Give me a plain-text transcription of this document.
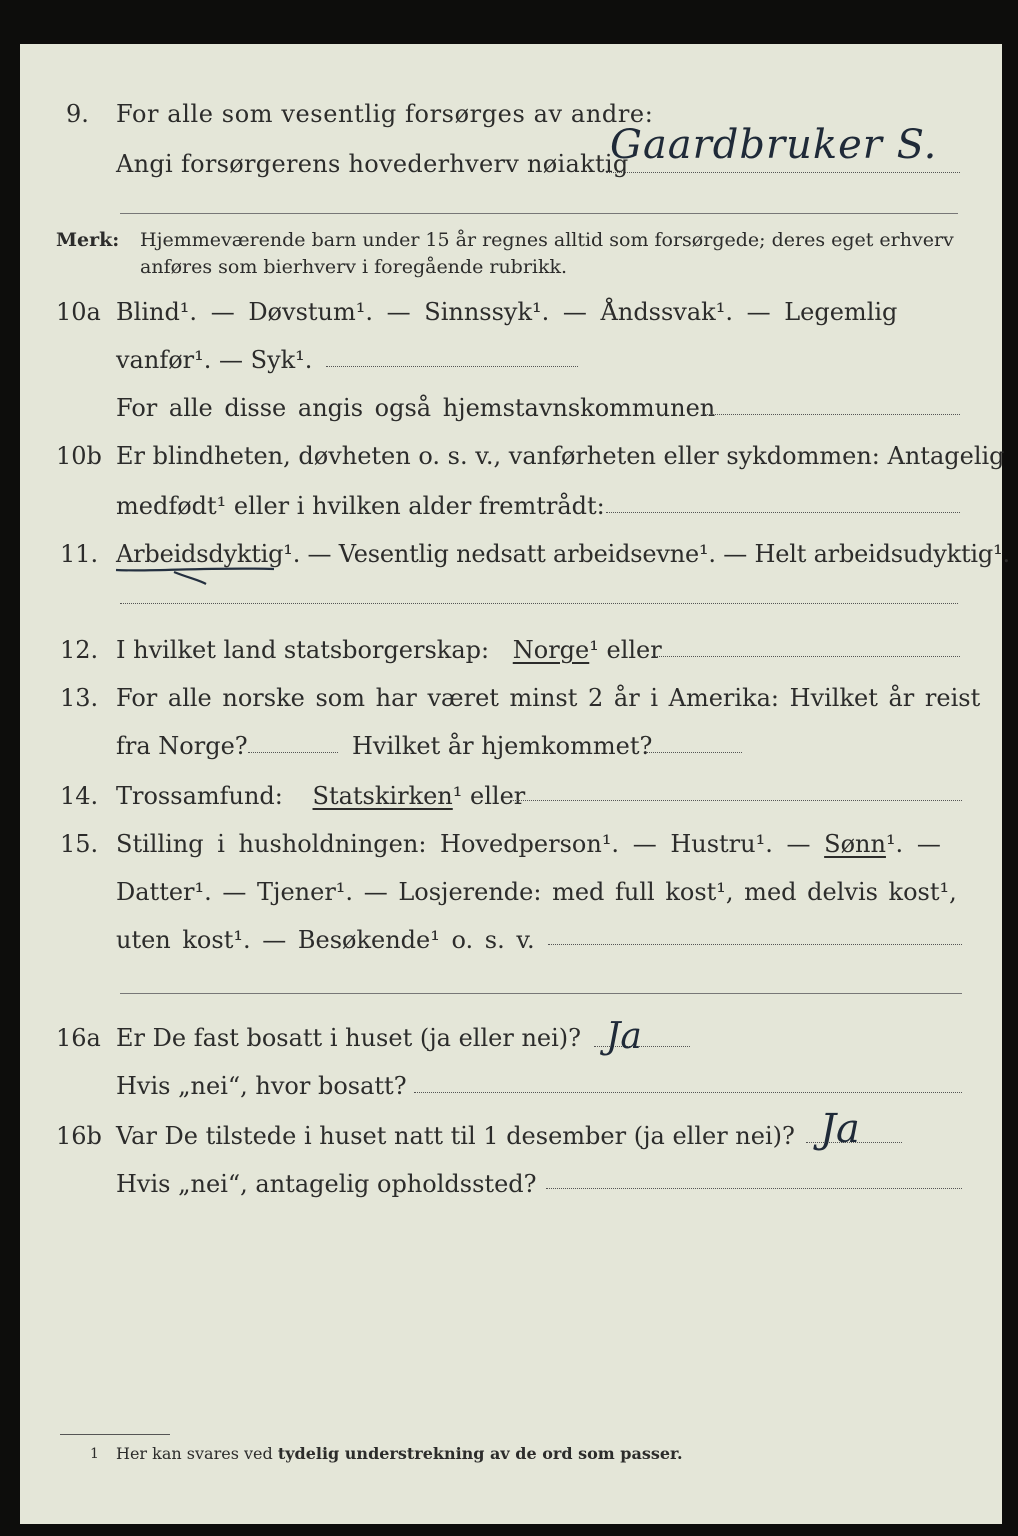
9. For alle som vesentlig forsørges av andre:
Angi forsørgerens hovederhverv nøiaktig
Gaardbruker S.
Merk: Hjemmeværende barn under 15 år regnes alltid som forsørgede; deres eget erhverv
anføres som bierhverv i foregående rubrikk.
10a Blind¹. — Døvstum¹. — Sinnssyk¹. — Åndssvak¹. — Legemlig
vanfør¹. — Syk¹.
For alle disse angis også hjemstavnskommunen
10b Er blindheten, døvheten o. s. v., vanførheten eller sykdommen: Antagelig
medfødt¹ eller i hvilken alder fremtrådt:
11. Arbeidsdyktig¹. — Vesentlig nedsatt arbeidsevne¹. — Helt arbeidsudyktig¹.
12. I hvilket land statsborgerskap: Norge¹ eller
13. For alle norske som har været minst 2 år i Amerika: Hvilket år reist
fra Norge?	Hvilket år hjemkommet?
14. Trossamfund: Statskirken¹ eller
15. Stilling i husholdningen: Hovedperson¹. — Hustru¹. — Sønn¹. —
Datter¹. — Tjener¹. — Losjerende: med full kost¹, med delvis kost¹,
uten kost¹. — Besøkende¹ o. s. v.
16a Er De fast bosatt i huset (ja eller nei)? Ja
Hvis „nei“, hvor bosatt?
16b Var De tilstede i huset natt til 1 desember (ja eller nei)? Ja
Hvis „nei“, antagelig opholdssted?
1 Her kan svares ved tydelig understrekning av de ord som passer.
